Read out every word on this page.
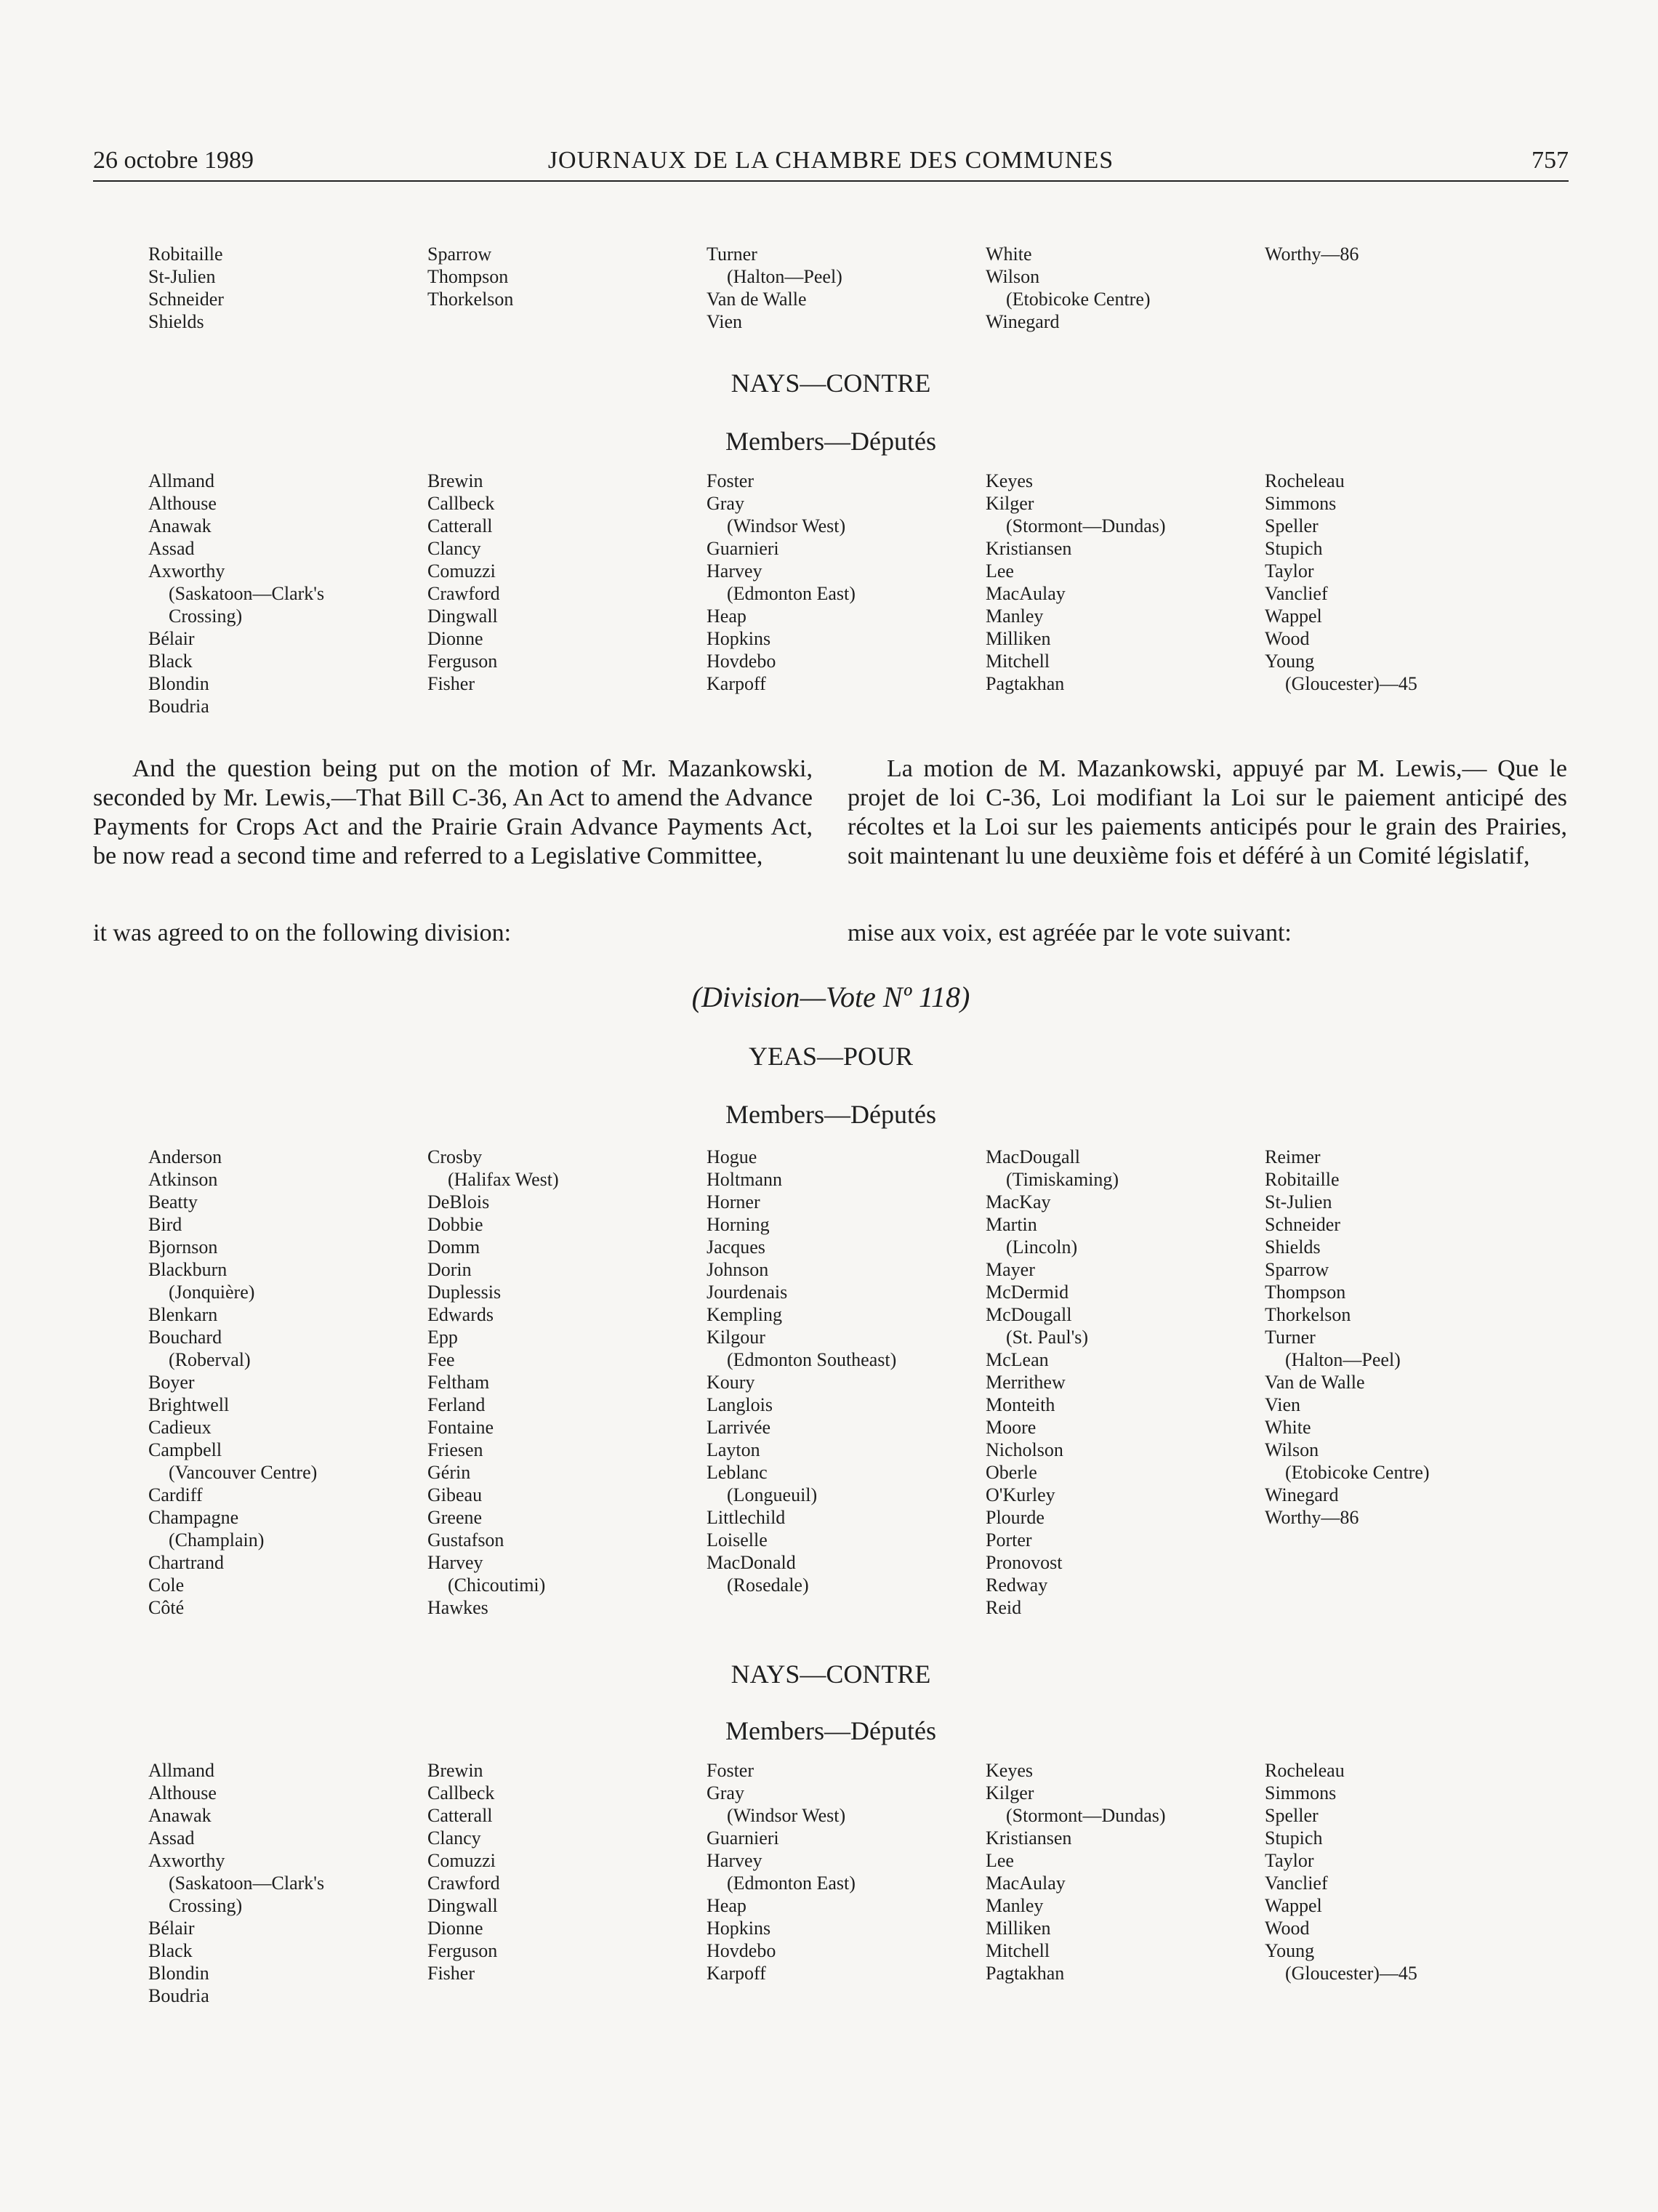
26 octobre 1989	JOURNAUX DE LA CHAMBRE DES COMMUNES	757
Robitaille
St-Julien
Schneider
Shields
Sparrow
Thompson
Thorkelson
Turner
(Halton—Peel)
Van de Walle
Vien
White
Wilson
(Etobicoke Centre)
Winegard
Worthy—86
NAYS—CONTRE
Members—Députés
Allmand
Althouse
Anawak
Assad
Axworthy
(Saskatoon—Clark's
Crossing)
Bélair
Black
Blondin
Boudria
Brewin
Callbeck
Catterall
Clancy
Comuzzi
Crawford
Dingwall
Dionne
Ferguson
Fisher
Foster
Gray
(Windsor West)
Guarnieri
Harvey
(Edmonton East)
Heap
Hopkins
Hovdebo
Karpoff
Keyes
Kilger
(Stormont—Dundas)
Kristiansen
Lee
MacAulay
Manley
Milliken
Mitchell
Pagtakhan
Rocheleau
Simmons
Speller
Stupich
Taylor
Vanclief
Wappel
Wood
Young
(Gloucester)—45
And the question being put on the motion of Mr. Mazankowski, seconded by Mr. Lewis,—That Bill C-36, An Act to amend the Advance Payments for Crops Act and the Prairie Grain Advance Payments Act, be now read a second time and referred to a Legislative Committee,
it was agreed to on the following division:
La motion de M. Mazankowski, appuyé par M. Lewis,— Que le projet de loi C-36, Loi modifiant la Loi sur le paiement anticipé des récoltes et la Loi sur les paiements anticipés pour le grain des Prairies, soit maintenant lu une deuxième fois et déféré à un Comité législatif,
mise aux voix, est agréée par le vote suivant:
(Division—Vote Nº 118)
YEAS—POUR
Members—Députés
Anderson
Atkinson
Beatty
Bird
Bjornson
Blackburn
(Jonquière)
Blenkarn
Bouchard
(Roberval)
Boyer
Brightwell
Cadieux
Campbell
(Vancouver Centre)
Cardiff
Champagne
(Champlain)
Chartrand
Cole
Côté
Crosby
(Halifax West)
DeBlois
Dobbie
Domm
Dorin
Duplessis
Edwards
Epp
Fee
Feltham
Ferland
Fontaine
Friesen
Gérin
Gibeau
Greene
Gustafson
Harvey
(Chicoutimi)
Hawkes
Hogue
Holtmann
Horner
Horning
Jacques
Johnson
Jourdenais
Kempling
Kilgour
(Edmonton Southeast)
Koury
Langlois
Larrivée
Layton
Leblanc
(Longueuil)
Littlechild
Loiselle
MacDonald
(Rosedale)
MacDougall
(Timiskaming)
MacKay
Martin
(Lincoln)
Mayer
McDermid
McDougall
(St. Paul's)
McLean
Merrithew
Monteith
Moore
Nicholson
Oberle
O'Kurley
Plourde
Porter
Pronovost
Redway
Reid
Reimer
Robitaille
St-Julien
Schneider
Shields
Sparrow
Thompson
Thorkelson
Turner
(Halton—Peel)
Van de Walle
Vien
White
Wilson
(Etobicoke Centre)
Winegard
Worthy—86
NAYS—CONTRE
Members—Députés
Allmand
Althouse
Anawak
Assad
Axworthy
(Saskatoon—Clark's
Crossing)
Bélair
Black
Blondin
Boudria
Brewin
Callbeck
Catterall
Clancy
Comuzzi
Crawford
Dingwall
Dionne
Ferguson
Fisher
Foster
Gray
(Windsor West)
Guarnieri
Harvey
(Edmonton East)
Heap
Hopkins
Hovdebo
Karpoff
Keyes
Kilger
(Stormont—Dundas)
Kristiansen
Lee
MacAulay
Manley
Milliken
Mitchell
Pagtakhan
Rocheleau
Simmons
Speller
Stupich
Taylor
Vanclief
Wappel
Wood
Young
(Gloucester)—45
